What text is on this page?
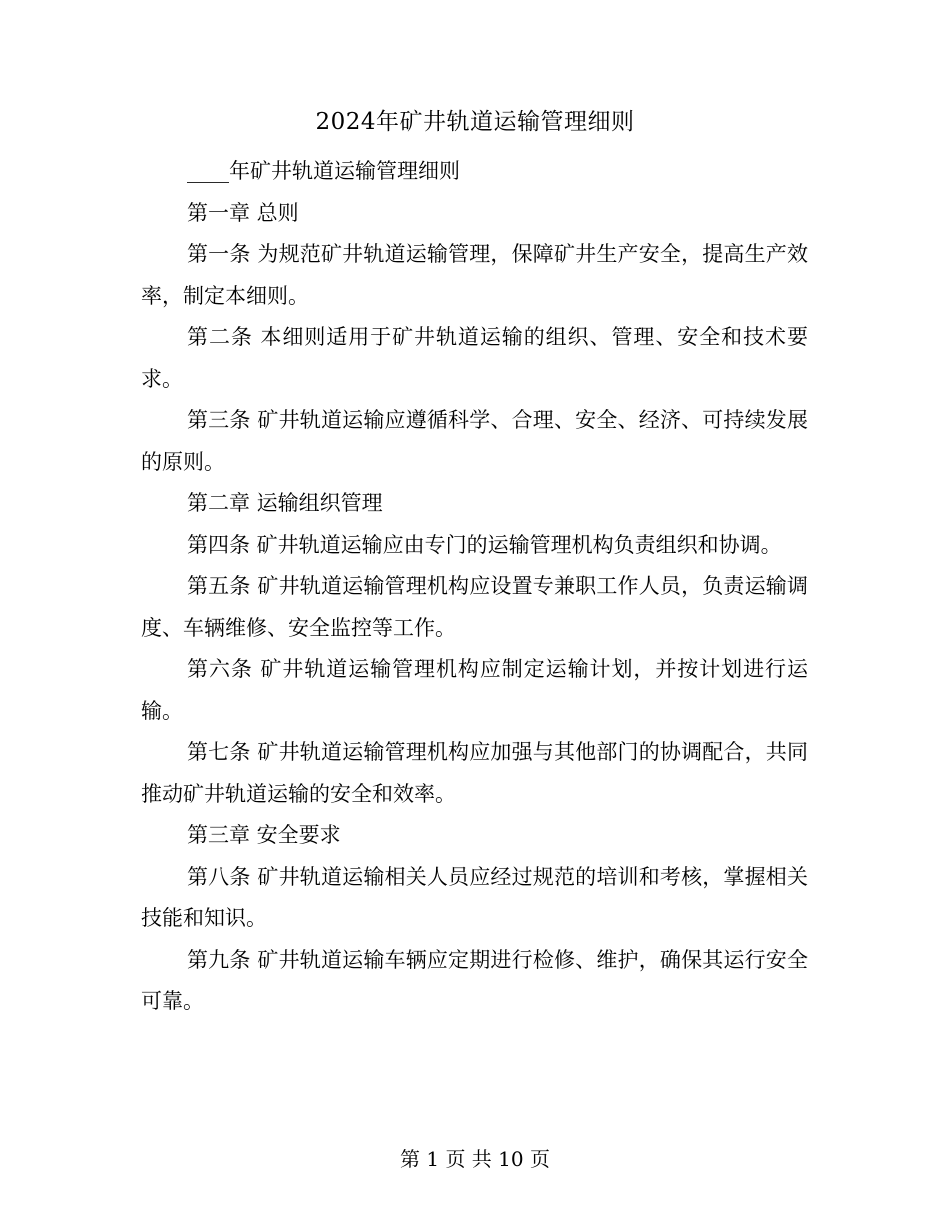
2024年矿井轨道运输管理细则

____年矿井轨道运输管理细则

第一章 总则

第一条 为规范矿井轨道运输管理，保障矿井生产安全，提高生产效率，制定本细则。

第二条 本细则适用于矿井轨道运输的组织、管理、安全和技术要求。

第三条 矿井轨道运输应遵循科学、合理、安全、经济、可持续发展的原则。

第二章 运输组织管理

第四条 矿井轨道运输应由专门的运输管理机构负责组织和协调。

第五条 矿井轨道运输管理机构应设置专兼职工作人员，负责运输调度、车辆维修、安全监控等工作。

第六条 矿井轨道运输管理机构应制定运输计划，并按计划进行运输。

第七条 矿井轨道运输管理机构应加强与其他部门的协调配合，共同推动矿井轨道运输的安全和效率。

第三章 安全要求

第八条 矿井轨道运输相关人员应经过规范的培训和考核，掌握相关技能和知识。

第九条 矿井轨道运输车辆应定期进行检修、维护，确保其运行安全可靠。

第 1 页 共 10 页
